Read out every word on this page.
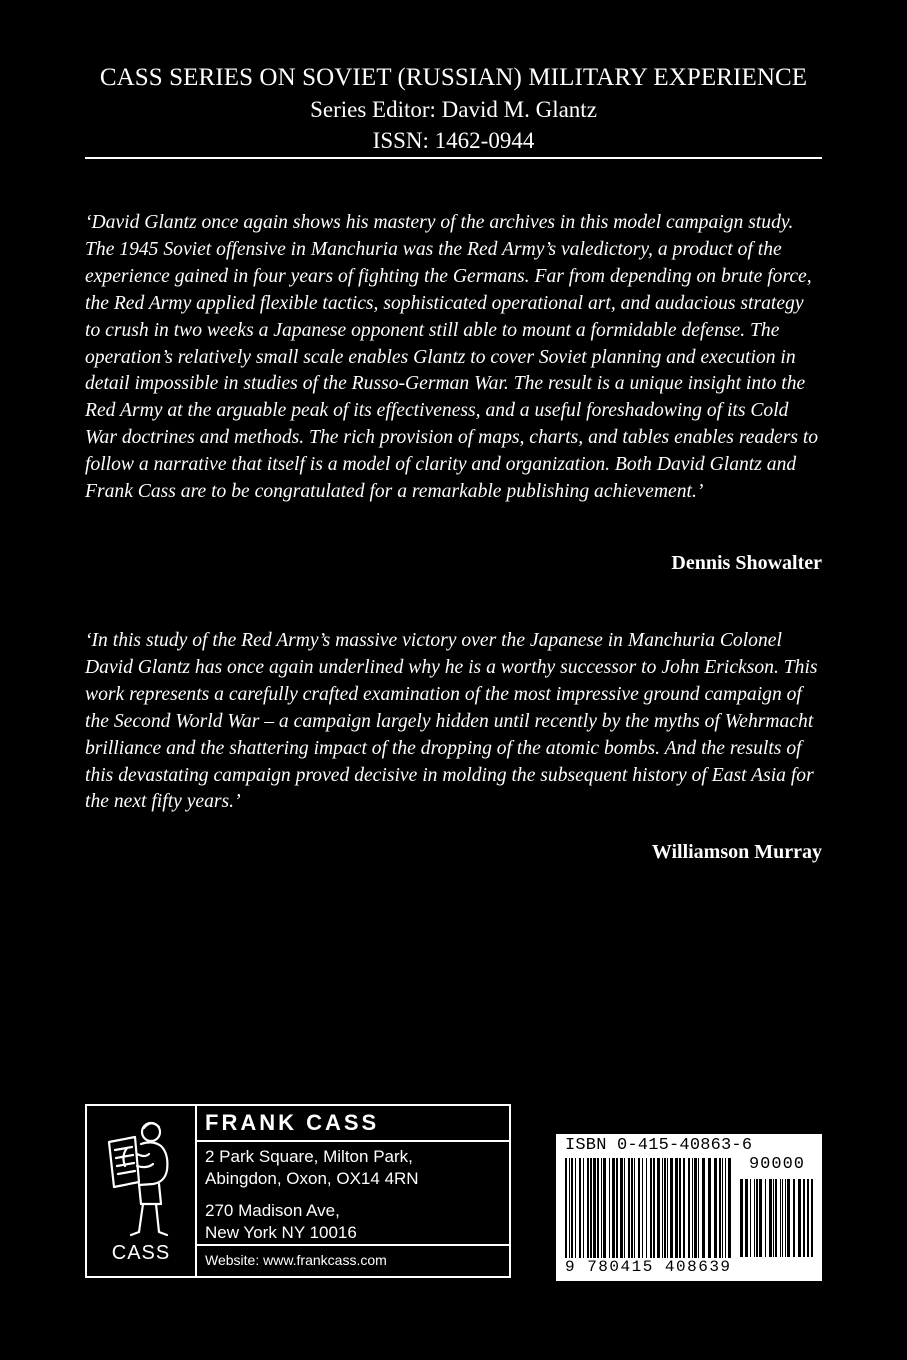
CASS SERIES ON SOVIET (RUSSIAN) MILITARY EXPERIENCE
Series Editor: David M. Glantz
ISSN: 1462-0944

‘David Glantz once again shows his mastery of the archives in this model campaign study. The 1945 Soviet offensive in Manchuria was the Red Army’s valedictory, a product of the experience gained in four years of fighting the Germans. Far from depending on brute force, the Red Army applied flexible tactics, sophisticated operational art, and audacious strategy to crush in two weeks a Japanese opponent still able to mount a formidable defense. The operation’s relatively small scale enables Glantz to cover Soviet planning and execution in detail impossible in studies of the Russo-German War. The result is a unique insight into the Red Army at the arguable peak of its effectiveness, and a useful foreshadowing of its Cold War doctrines and methods. The rich provision of maps, charts, and tables enables readers to follow a narrative that itself is a model of clarity and organization. Both David Glantz and Frank Cass are to be congratulated for a remarkable publishing achievement.’

Dennis Showalter

‘In this study of the Red Army’s massive victory over the Japanese in Manchuria Colonel David Glantz has once again underlined why he is a worthy successor to John Erickson. This work represents a carefully crafted examination of the most impressive ground campaign of the Second World War – a campaign largely hidden until recently by the myths of Wehrmacht brilliance and the shattering impact of the dropping of the atomic bombs. And the results of this devastating campaign proved decisive in molding the subsequent history of East Asia for the next fifty years.’

Williamson Murray
CASS
FRANK CASS
2 Park Square, Milton Park,
Abingdon, Oxon, OX14 4RN
270 Madison Ave,
New York NY 10016
Website: www.frankcass.com
ISBN 0-415-40863-6
90000
9 780415 408639
